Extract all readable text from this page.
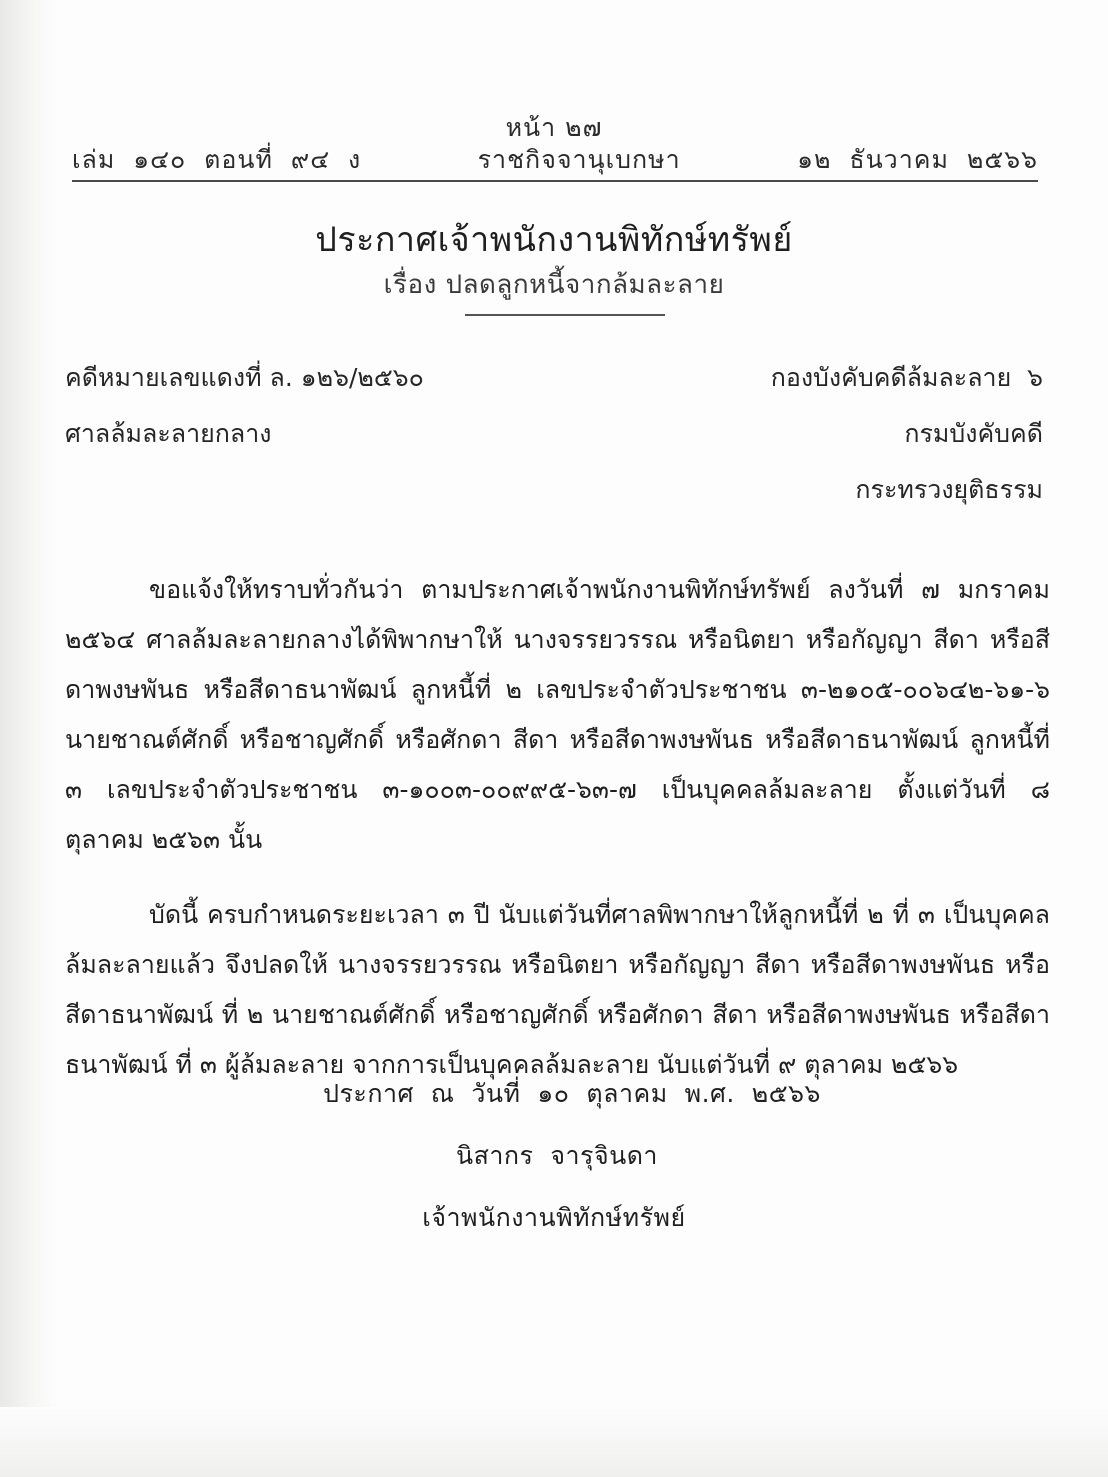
หน้า ๒๗
เล่ม  ๑๔๐  ตอนที่  ๙๔  ง	ราชกิจจานุเบกษา	๑๒  ธันวาคม  ๒๕๖๖
ประกาศเจ้าพนักงานพิทักษ์ทรัพย์
เรื่อง ปลดลูกหนี้จากล้มละลาย
คดีหมายเลขแดงที่ ล. ๑๒๖/๒๕๖๐	กองบังคับคดีล้มละลาย  ๖
ศาลล้มละลายกลาง	กรมบังคับคดี
กระทรวงยุติธรรม

ขอแจ้งให้ทราบทั่วกันว่า ตามประกาศเจ้าพนักงานพิทักษ์ทรัพย์ ลงวันที่ ๗ มกราคม ๒๕๖๔ ศาลล้มละลายกลางได้พิพากษาให้ นางจรรยวรรณ หรือนิตยา หรือกัญญา สีดา หรือสีดาพงษพันธ หรือสีดาธนาพัฒน์ ลูกหนี้ที่ ๒ เลขประจำตัวประชาชน ๓-๒๑๐๕-๐๐๖๔๒-๖๑-๖ นายชาณต์ศักดิ์ หรือชาญศักดิ์ หรือศักดา สีดา หรือสีดาพงษพันธ หรือสีดาธนาพัฒน์ ลูกหนี้ที่ ๓ เลขประจำตัวประชาชน ๓-๑๐๐๓-๐๐๙๙๕-๖๓-๗ เป็นบุคคลล้มละลาย ตั้งแต่วันที่ ๘ ตุลาคม ๒๕๖๓ นั้น

บัดนี้ ครบกำหนดระยะเวลา ๓ ปี นับแต่วันที่ศาลพิพากษาให้ลูกหนี้ที่ ๒ ที่ ๓ เป็นบุคคลล้มละลายแล้ว จึงปลดให้ นางจรรยวรรณ หรือนิตยา หรือกัญญา สีดา หรือสีดาพงษพันธ หรือสีดาธนาพัฒน์ ที่ ๒ นายชาณต์ศักดิ์ หรือชาญศักดิ์ หรือศักดา สีดา หรือสีดาพงษพันธ หรือสีดาธนาพัฒน์ ที่ ๓ ผู้ล้มละลาย จากการเป็นบุคคลล้มละลาย นับแต่วันที่ ๙ ตุลาคม ๒๕๖๖

ประกาศ  ณ  วันที่  ๑๐  ตุลาคม  พ.ศ.  ๒๕๖๖
นิสากร  จารุจินดา
เจ้าพนักงานพิทักษ์ทรัพย์
